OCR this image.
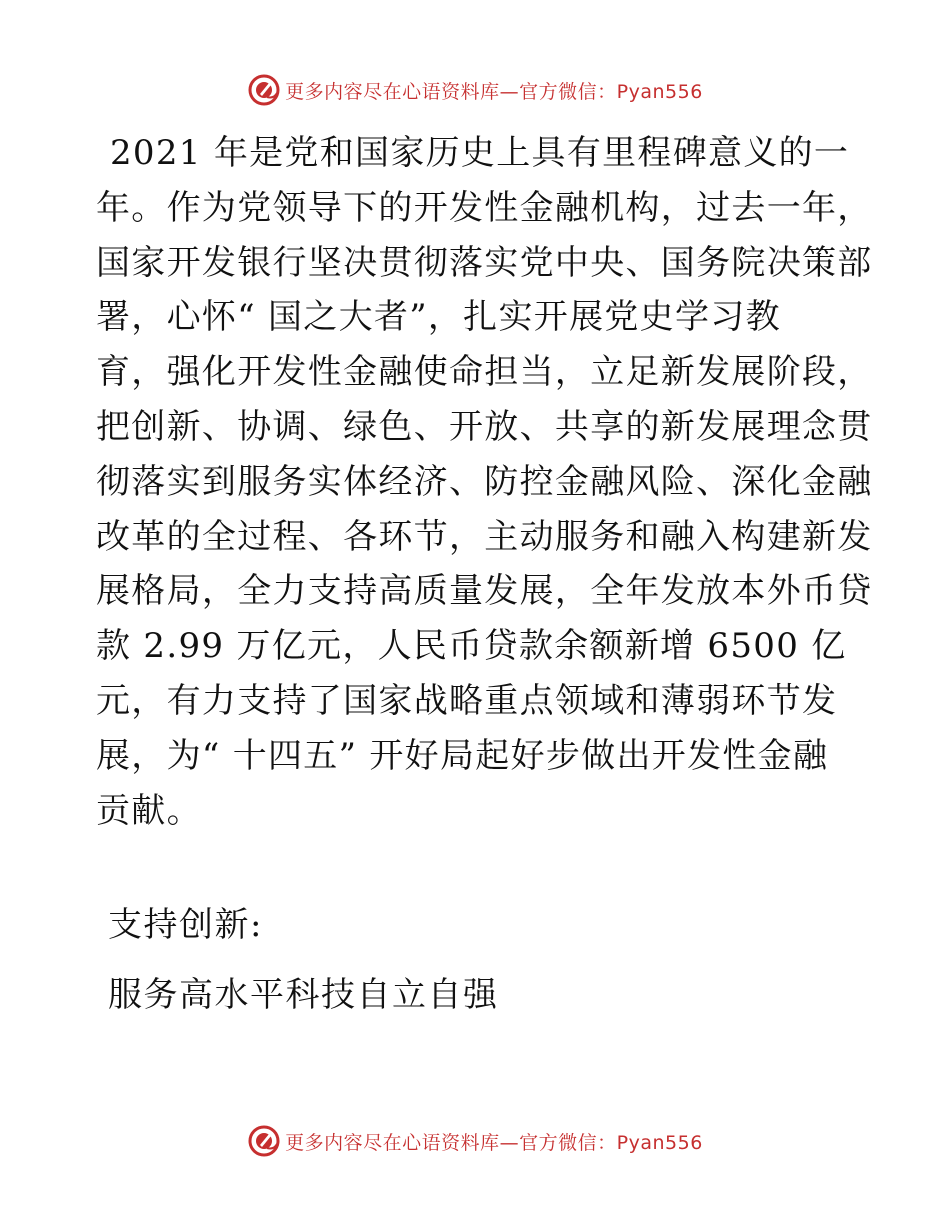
更多内容尽在心语资料库—官方微信：Pyan556
2021 年是党和国家历史上具有里程碑意义的一
年。作为党领导下的开发性金融机构，过去一年，
国家开发银行坚决贯彻落实党中央、国务院决策部
署，心怀“ 国之大者”，扎实开展党史学习教
育，强化开发性金融使命担当，立足新发展阶段，
把创新、协调、绿色、开放、共享的新发展理念贯
彻落实到服务实体经济、防控金融风险、深化金融
改革的全过程、各环节，主动服务和融入构建新发
展格局，全力支持高质量发展，全年发放本外币贷
款 2.99 万亿元，人民币贷款余额新增 6500 亿
元，有力支持了国家战略重点领域和薄弱环节发
展，为“ 十四五” 开好局起好步做出开发性金融
贡献。
支持创新:
服务高水平科技自立自强
更多内容尽在心语资料库—官方微信：Pyan556
